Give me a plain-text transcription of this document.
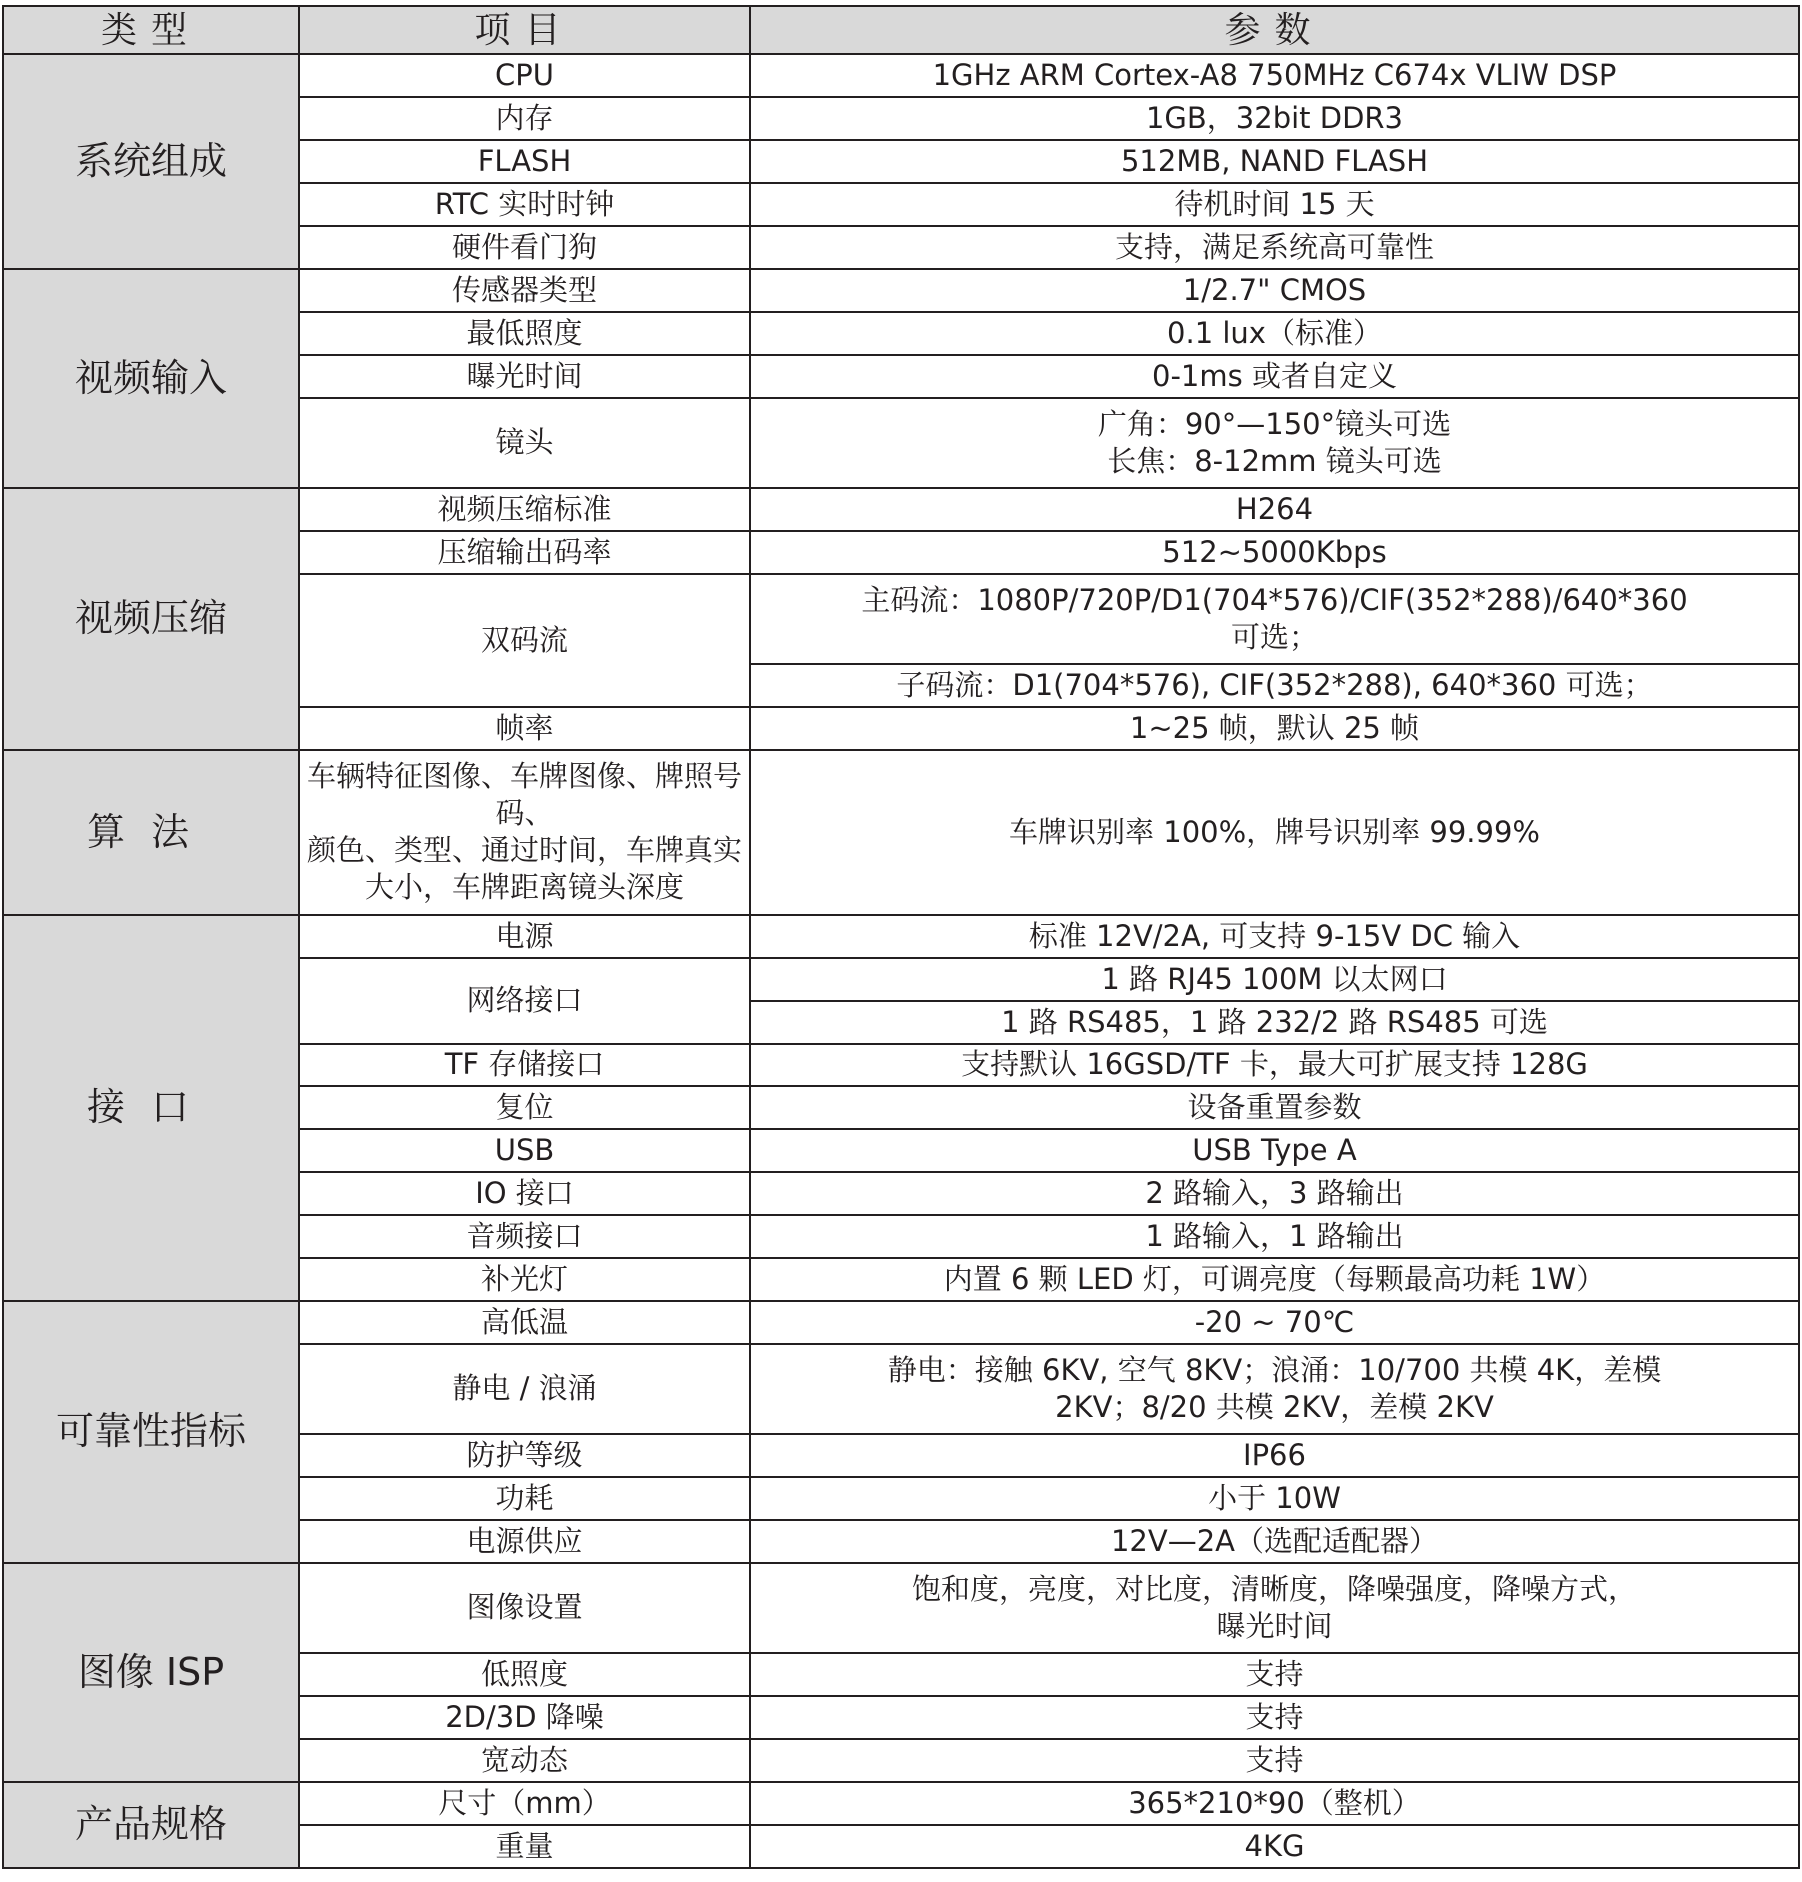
类型	项目	参数
系统组成	CPU	1GHz ARM Cortex-A8 750MHz C674x VLIW DSP
	内存	1GB，32bit DDR3
	FLASH	512MB, NAND FLASH
	RTC 实时时钟	待机时间 15 天
	硬件看门狗	支持，满足系统高可靠性
视频输入	传感器类型	1/2.7" CMOS
	最低照度	0.1 lux（标准）
	曝光时间	0-1ms 或者自定义
	镜头	广角：90°—150°镜头可选
长焦：8-12mm 镜头可选

视频压缩	视频压缩标准	H264
	压缩输出码率	512~5000Kbps
	双码流	主码流：1080P/720P/D1(704*576)/CIF(352*288)/640*360
可选；

		子码流：D1(704*576), CIF(352*288), 640*360 可选；
	帧率	1~25 帧，默认 25 帧
算法	车辆特征图像、车牌图像、牌照号码、
颜色、类型、通过时间，车牌真实
大小，车牌距离镜头深度	车牌识别率 100%，牌号识别率 99.99%
接口	电源	标准 12V/2A, 可支持 9-15V DC 输入
	网络接口	1 路 RJ45 100M 以太网口
		1 路 RS485，1 路 232/2 路 RS485 可选
	TF 存储接口	支持默认 16GSD/TF 卡，最大可扩展支持 128G
	复位	设备重置参数
	USB	USB Type A
	IO 接口	2 路输入，3 路输出
	音频接口	1 路输入，1 路输出
	补光灯	内置 6 颗 LED 灯，可调亮度（每颗最高功耗 1W）
可靠性指标	高低温	-20 ~ 70℃
	静电 / 浪涌	静电：接触 6KV, 空气 8KV；浪涌：10/700 共模 4K，差模
2KV；8/20 共模 2KV，差模 2KV

	防护等级	IP66
	功耗	小于 10W
	电源供应	12V—2A（选配适配器）
图像 ISP	图像设置	饱和度，亮度，对比度，清晰度，降噪强度，降噪方式，
曝光时间

	低照度	支持
	2D/3D 降噪	支持
	宽动态	支持
产品规格	尺寸（mm）	365*210*90（整机）
	重量	4KG
